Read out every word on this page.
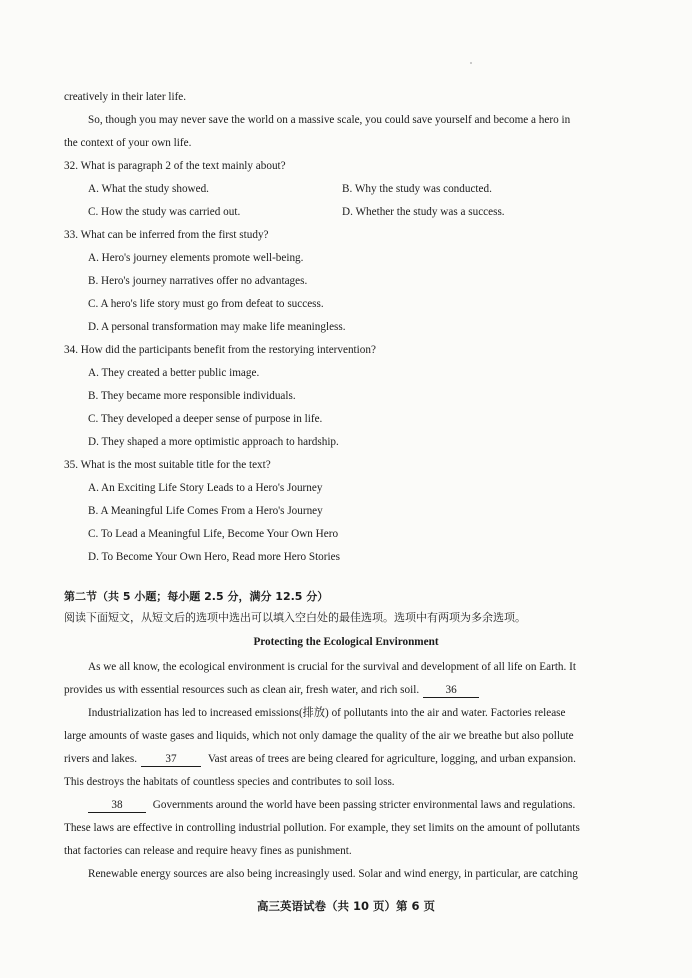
creatively in their later life.
So, though you may never save the world on a massive scale, you could save yourself and become a hero in
the context of your own life.
32. What is paragraph 2 of the text mainly about?
A. What the study showed.	B. Why the study was conducted.
C. How the study was carried out.	D. Whether the study was a success.
33. What can be inferred from the first study?
A. Hero's journey elements promote well-being.
B. Hero's journey narratives offer no advantages.
C. A hero's life story must go from defeat to success.
D. A personal transformation may make life meaningless.
34. How did the participants benefit from the restorying intervention?
A. They created a better public image.
B. They became more responsible individuals.
C. They developed a deeper sense of purpose in life.
D. They shaped a more optimistic approach to hardship.
35. What is the most suitable title for the text?
A. An Exciting Life Story Leads to a Hero's Journey
B. A Meaningful Life Comes From a Hero's Journey
C. To Lead a Meaningful Life, Become Your Own Hero
D. To Become Your Own Hero, Read more Hero Stories
第二节（共 5 小题；每小题 2.5 分，满分 12.5 分）
阅读下面短文，从短文后的选项中选出可以填入空白处的最佳选项。选项中有两项为多余选项。
Protecting the Ecological Environment
As we all know, the ecological environment is crucial for the survival and development of all life on Earth. It
provides us with essential resources such as clean air, fresh water, and rich soil. 36
Industrialization has led to increased emissions(排放) of pollutants into the air and water. Factories release
large amounts of waste gases and liquids, which not only damage the quality of the air we breathe but also pollute
rivers and lakes.	37	Vast areas of trees are being cleared for agriculture, logging, and urban expansion.
This destroys the habitats of countless species and contributes to soil loss.
38	Governments around the world have been passing stricter environmental laws and regulations.
These laws are effective in controlling industrial pollution. For example, they set limits on the amount of pollutants
that factories can release and require heavy fines as punishment.
Renewable energy sources are also being increasingly used. Solar and wind energy, in particular, are catching
高三英语试卷（共 10 页）第 6 页
